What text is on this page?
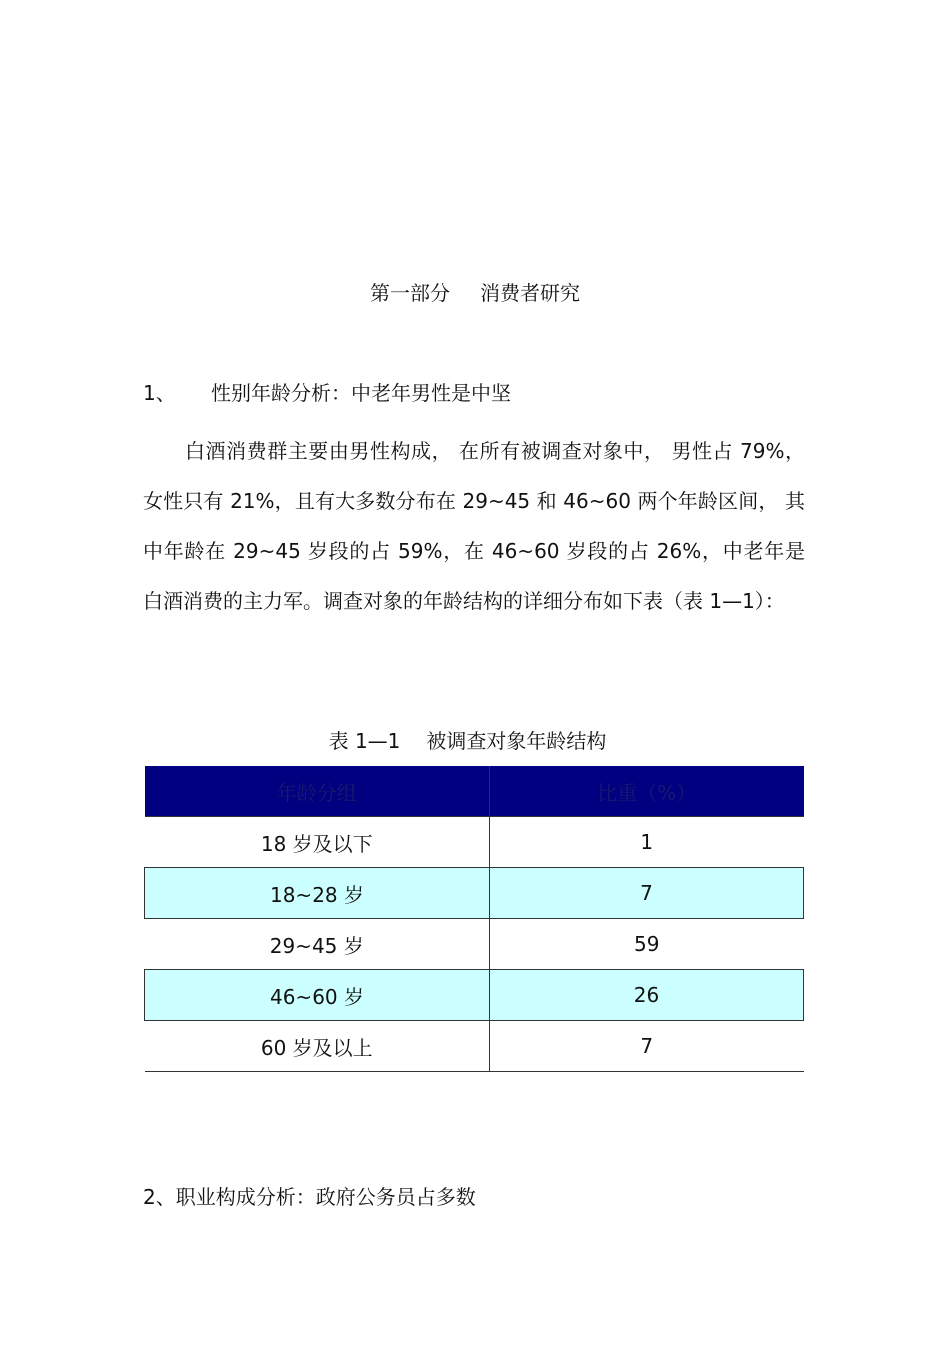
第一部分 消费者研究
1、 性别年龄分析：中老年男性是中坚

白酒消费群主要由男性构成， 在所有被调查对象中， 男性占 79%，女性只有 21%，且有大多数分布在 29~45 和 46~60 两个年龄区间， 其中年龄在 29~45 岁段的占 59%，在 46~60 岁段的占 26%，中老年是白酒消费的主力军。调查对象的年龄结构的详细分布如下表（表 1—1）：

表 1—1 被调查对象年龄结构
年龄分组	比重（%）
18 岁及以下	1
18~28 岁	7
29~45 岁	59
46~60 岁	26
60 岁及以上	7
2、职业构成分析：政府公务员占多数
